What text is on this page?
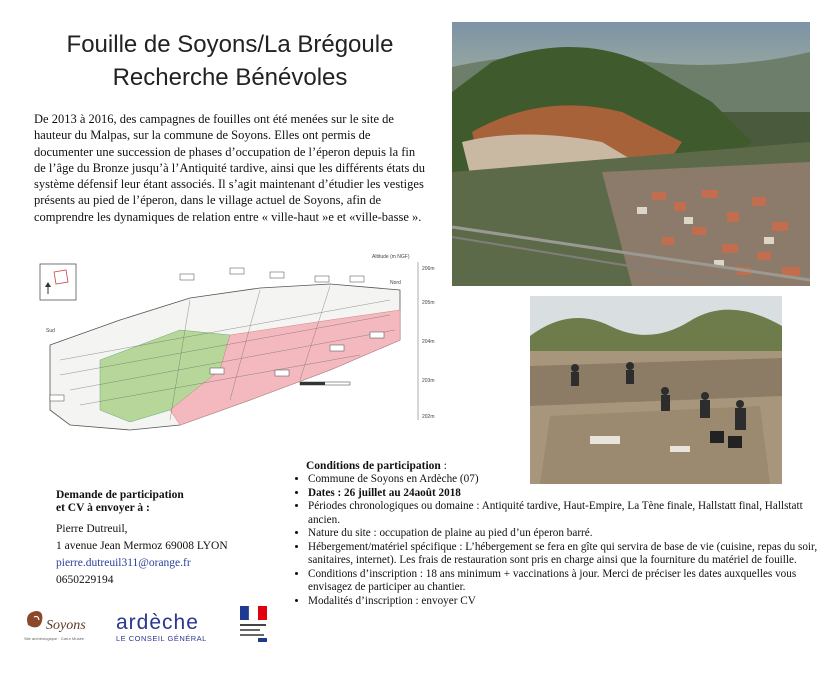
Fouille de Soyons/La Brégoule
Recherche Bénévoles
De 2013 à 2016, des campagnes de fouilles ont été menées sur le site de hauteur du Malpas, sur la commune de Soyons. Elles ont permis de documenter une succession de phases d’occupation de l’éperon depuis la fin de l’âge du Bronze jusqu’à l’Antiquité tardive, ainsi que les différents états du système défensif leur étant associés. Il s’agit maintenant d’étudier les vestiges présents au pied de l’éperon, dans le village actuel de Soyons, afin de comprendre les dynamiques de relation entre « ville-haut »e et «ville-basse ».
Altitude (m NGF)
206m
205m
204m
203m
202m
Nord
Sud
Demande de participation
et CV à envoyer à :
Pierre Dutreuil,
1 avenue Jean Mermoz 69008 LYON
pierre.dutreuil311@orange.fr
0650229194
Conditions de participation :
• Commune de Soyons en Ardèche (07)
• Dates : 26 juillet au 24août 2018
• Périodes chronologiques ou domaine : Antiquité tardive, Haut-Empire, La Tène finale, Hallstatt final, Hallstatt ancien.
• Nature du site : occupation de plaine au pied d’un éperon barré.
• Hébergement/matériel spécifique : L’hébergement se fera en gîte qui servira de base de vie (cuisine, repas du soir, sanitaires, internet). Les frais de restauration sont pris en charge ainsi que la fourniture du matériel de fouille.
• Conditions d’inscription : 18 ans minimum + vaccinations à jour. Merci de préciser les dates auxquelles vous envisagez de participer au chantier.
• Modalités d’inscription : envoyer CV
Soyons
Site archéologique · Cœur Musée
ardèche
LE CONSEIL GÉNÉRAL
